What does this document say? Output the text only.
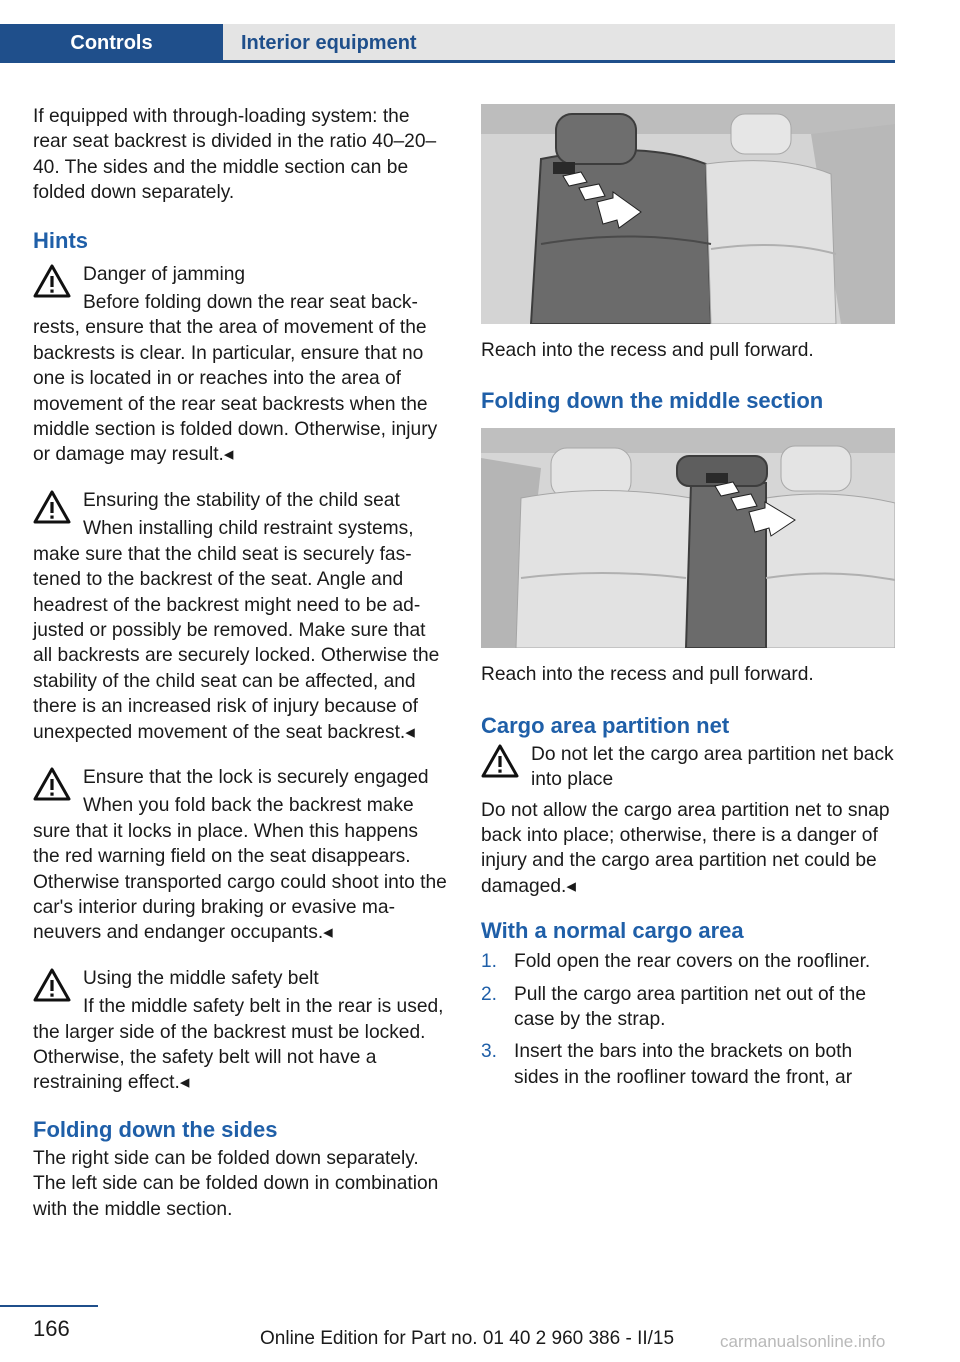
Controls	Interior equipment

If equipped with through-loading system: the rear seat backrest is divided in the ratio 40–20–40. The sides and the middle section can be folded down separately.

Hints

Danger of jamming

Before folding down the rear seat backrests, ensure that the area of movement of the backrests is clear. In particular, ensure that no one is located in or reaches into the area of movement of the rear seat backrests when the middle section is folded down. Otherwise, injury or damage may result.◂

Ensuring the stability of the child seat

When installing child restraint systems, make sure that the child seat is securely fastened to the backrest of the seat. Angle and headrest of the backrest might need to be adjusted or possibly be removed. Make sure that all backrests are securely locked. Otherwise the stability of the child seat can be affected, and there is an increased risk of injury because of unexpected movement of the seat backrest.◂

Ensure that the lock is securely engaged

When you fold back the backrest make sure that it locks in place. When this happens the red warning field on the seat disappears. Otherwise transported cargo could shoot into the car's interior during braking or evasive maneuvers and endanger occupants.◂

Using the middle safety belt

If the middle safety belt in the rear is used, the larger side of the backrest must be locked. Otherwise, the safety belt will not have a restraining effect.◂

Folding down the sides

The right side can be folded down separately. The left side can be folded down in combination with the middle section.

Reach into the recess and pull forward.

Folding down the middle section

Reach into the recess and pull forward.

Cargo area partition net

Do not let the cargo area partition net back into place

Do not allow the cargo area partition net to snap back into place; otherwise, there is a danger of injury and the cargo area partition net could be damaged.◂

With a normal cargo area
1. Fold open the rear covers on the roofliner.
2. Pull the cargo area partition net out of the case by the strap.
3. Insert the bars into the brackets on both sides in the roofliner toward the front, ar
166	Online Edition for Part no. 01 40 2 960 386 - II/15	carmanualsonline.info
